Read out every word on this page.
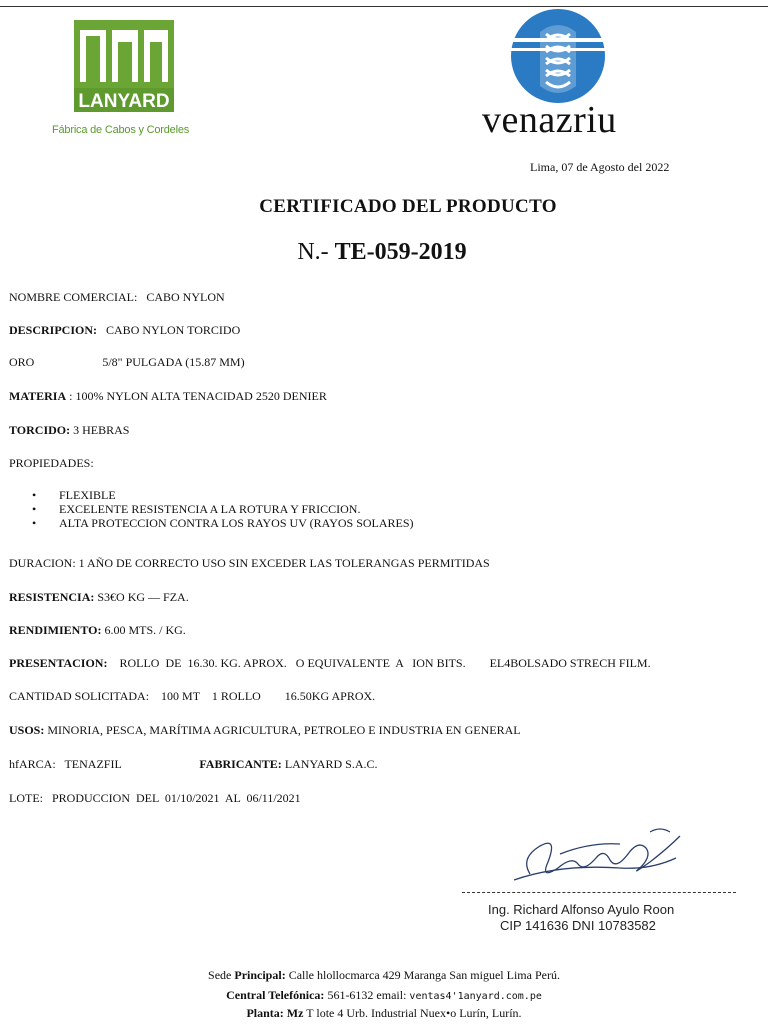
LANYARD
Fábrica de Cabos y Cordeles	venazriu
Lima, 07 de Agosto del 2022
CERTIFICADO DEL PRODUCTO
N.- TE-059-2019
NOMBRE COMERCIAL: CABO NYLON
DESCRIPCION: CABO NYLON TORCIDO
ORO	5/8" PULGADA (15.87 MM)
MATERIA : 100% NYLON ALTA TENACIDAD 2520 DENIER
TORCIDO: 3 HEBRAS
PROPIEDADES:
•	FLEXIBLE
•	EXCELENTE RESISTENCIA A LA ROTURA Y FRICCION.
•	ALTA PROTECCION CONTRA LOS RAYOS UV (RAYOS SOLARES)
DURACION: 1 AÑO DE CORRECTO USO SIN EXCEDER LAS TOLERANGAS PERMITIDAS
RESISTENCIA: S3€O KG — FZA.
RENDIMIENTO: 6.00 MTS. / KG.
PRESENTACION: ROLLO  DE  16.30. KG. APROX.   O EQUIVALENTE  A   ION BITS.        EL4BOLSADO STRECH FILM.
CANTIDAD SOLICITADA: 100 MT    1 ROLLO        16.50KG APROX.
USOS: MINORIA, PESCA, MARÍTIMA AGRICULTURA, PETROLEO E INDUSTRIA EN GENERAL
hfARCA: TENAZFIL	FABRICANTE: LANYARD S.A.C.
LOTE:   PRODUCCION  DEL  01/10/2021  AL  06/11/2021
Ing. Richard Alfonso Ayulo Roon
CIP 141636 DNI 10783582
Sede Principal: Calle hlollocmarca 429 Maranga San miguel Lima Perú.
Central Telefónica: 561-6132 email: ventas4'1anyard.com.pe
Planta: Mz T lote 4 Urb. Industrial Nuex•o Lurín, Lurín.
